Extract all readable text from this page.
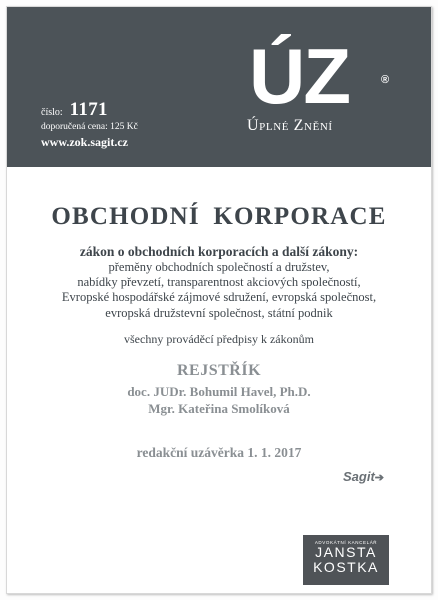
číslo: 1171
doporučená cena: 125 Kč
www.zok.sagit.cz
ÚZ	®
Úplné Znění
OBCHODNÍ KORPORACE
zákon o obchodních korporacích a další zákony:
přeměny obchodních společností a družstev,
nabídky převzetí, transparentnost akciových společností,
Evropské hospodářské zájmové sdružení, evropská společnost,
evropská družstevní společnost, státní podnik
všechny prováděcí předpisy k zákonům
REJSTŘÍK
doc. JUDr. Bohumil Havel, Ph.D.
Mgr. Kateřina Smolíková
redakční uzávěrka 1. 1. 2017
Sagit➔
ADVOKÁTNÍ KANCELÁŘ
JANSTA
KOSTKA
